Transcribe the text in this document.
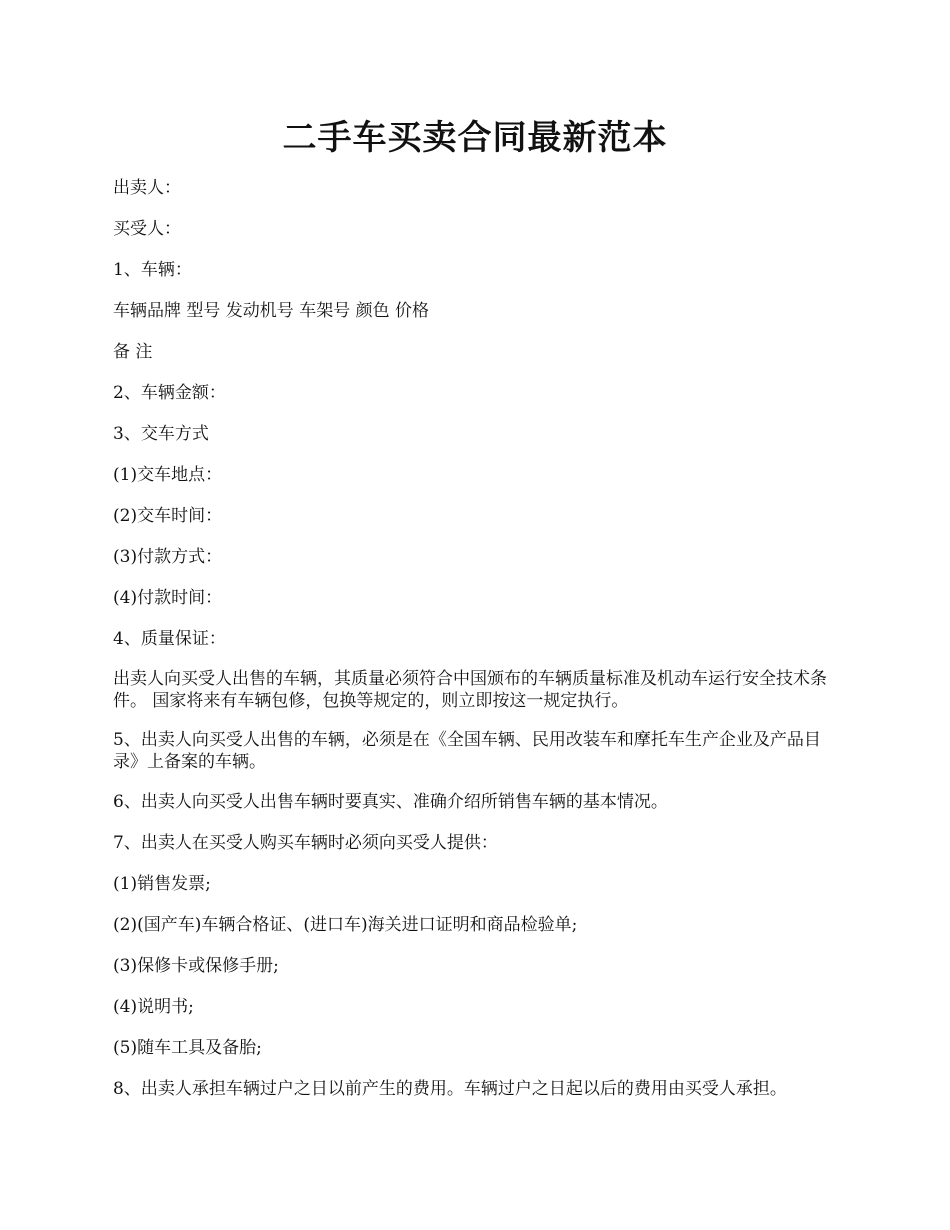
二手车买卖合同最新范本

出卖人：

买受人：

1、车辆：

车辆品牌 型号 发动机号 车架号 颜色 价格

备 注

2、车辆金额：

3、交车方式

(1)交车地点：

(2)交车时间：

(3)付款方式：

(4)付款时间：

4、质量保证：

出卖人向买受人出售的车辆，其质量必须符合中国颁布的车辆质量标准及机动车运行安全技术条件。 国家将来有车辆包修，包换等规定的，则立即按这一规定执行。

5、出卖人向买受人出售的车辆，必须是在《全国车辆、民用改装车和摩托车生产企业及产品目录》上备案的车辆。

6、出卖人向买受人出售车辆时要真实、准确介绍所销售车辆的基本情况。

7、出卖人在买受人购买车辆时必须向买受人提供：

(1)销售发票;

(2)(国产车)车辆合格证、(进口车)海关进口证明和商品检验单;

(3)保修卡或保修手册;

(4)说明书;

(5)随车工具及备胎;

8、出卖人承担车辆过户之日以前产生的费用。车辆过户之日起以后的费用由买受人承担。
